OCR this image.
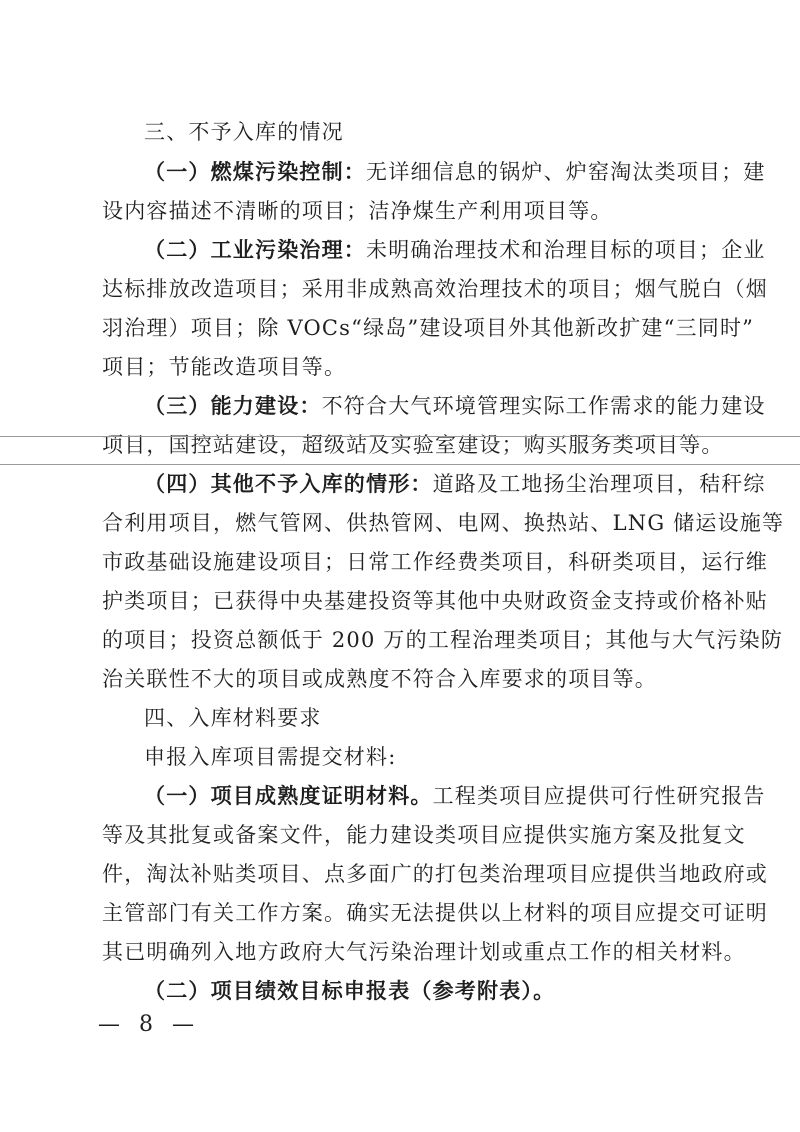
三、不予入库的情况
（一）燃煤污染控制：无详细信息的锅炉、炉窑淘汰类项目；建
设内容描述不清晰的项目；洁净煤生产利用项目等。
（二）工业污染治理：未明确治理技术和治理目标的项目；企业
达标排放改造项目；采用非成熟高效治理技术的项目；烟气脱白（烟
羽治理）项目；除 VOCs“绿岛”建设项目外其他新改扩建“三同时”
项目；节能改造项目等。
（三）能力建设：不符合大气环境管理实际工作需求的能力建设
项目，国控站建设，超级站及实验室建设；购买服务类项目等。
（四）其他不予入库的情形：道路及工地扬尘治理项目，秸秆综
合利用项目，燃气管网、供热管网、电网、换热站、LNG 储运设施等
市政基础设施建设项目；日常工作经费类项目，科研类项目，运行维
护类项目；已获得中央基建投资等其他中央财政资金支持或价格补贴
的项目；投资总额低于 200 万的工程治理类项目；其他与大气污染防
治关联性不大的项目或成熟度不符合入库要求的项目等。
四、入库材料要求
申报入库项目需提交材料:
（一）项目成熟度证明材料。工程类项目应提供可行性研究报告
等及其批复或备案文件，能力建设类项目应提供实施方案及批复文
件，淘汰补贴类项目、点多面广的打包类治理项目应提供当地政府或
主管部门有关工作方案。确实无法提供以上材料的项目应提交可证明
其已明确列入地方政府大气污染治理计划或重点工作的相关材料。
（二）项目绩效目标申报表（参考附表）。
— 8 —
